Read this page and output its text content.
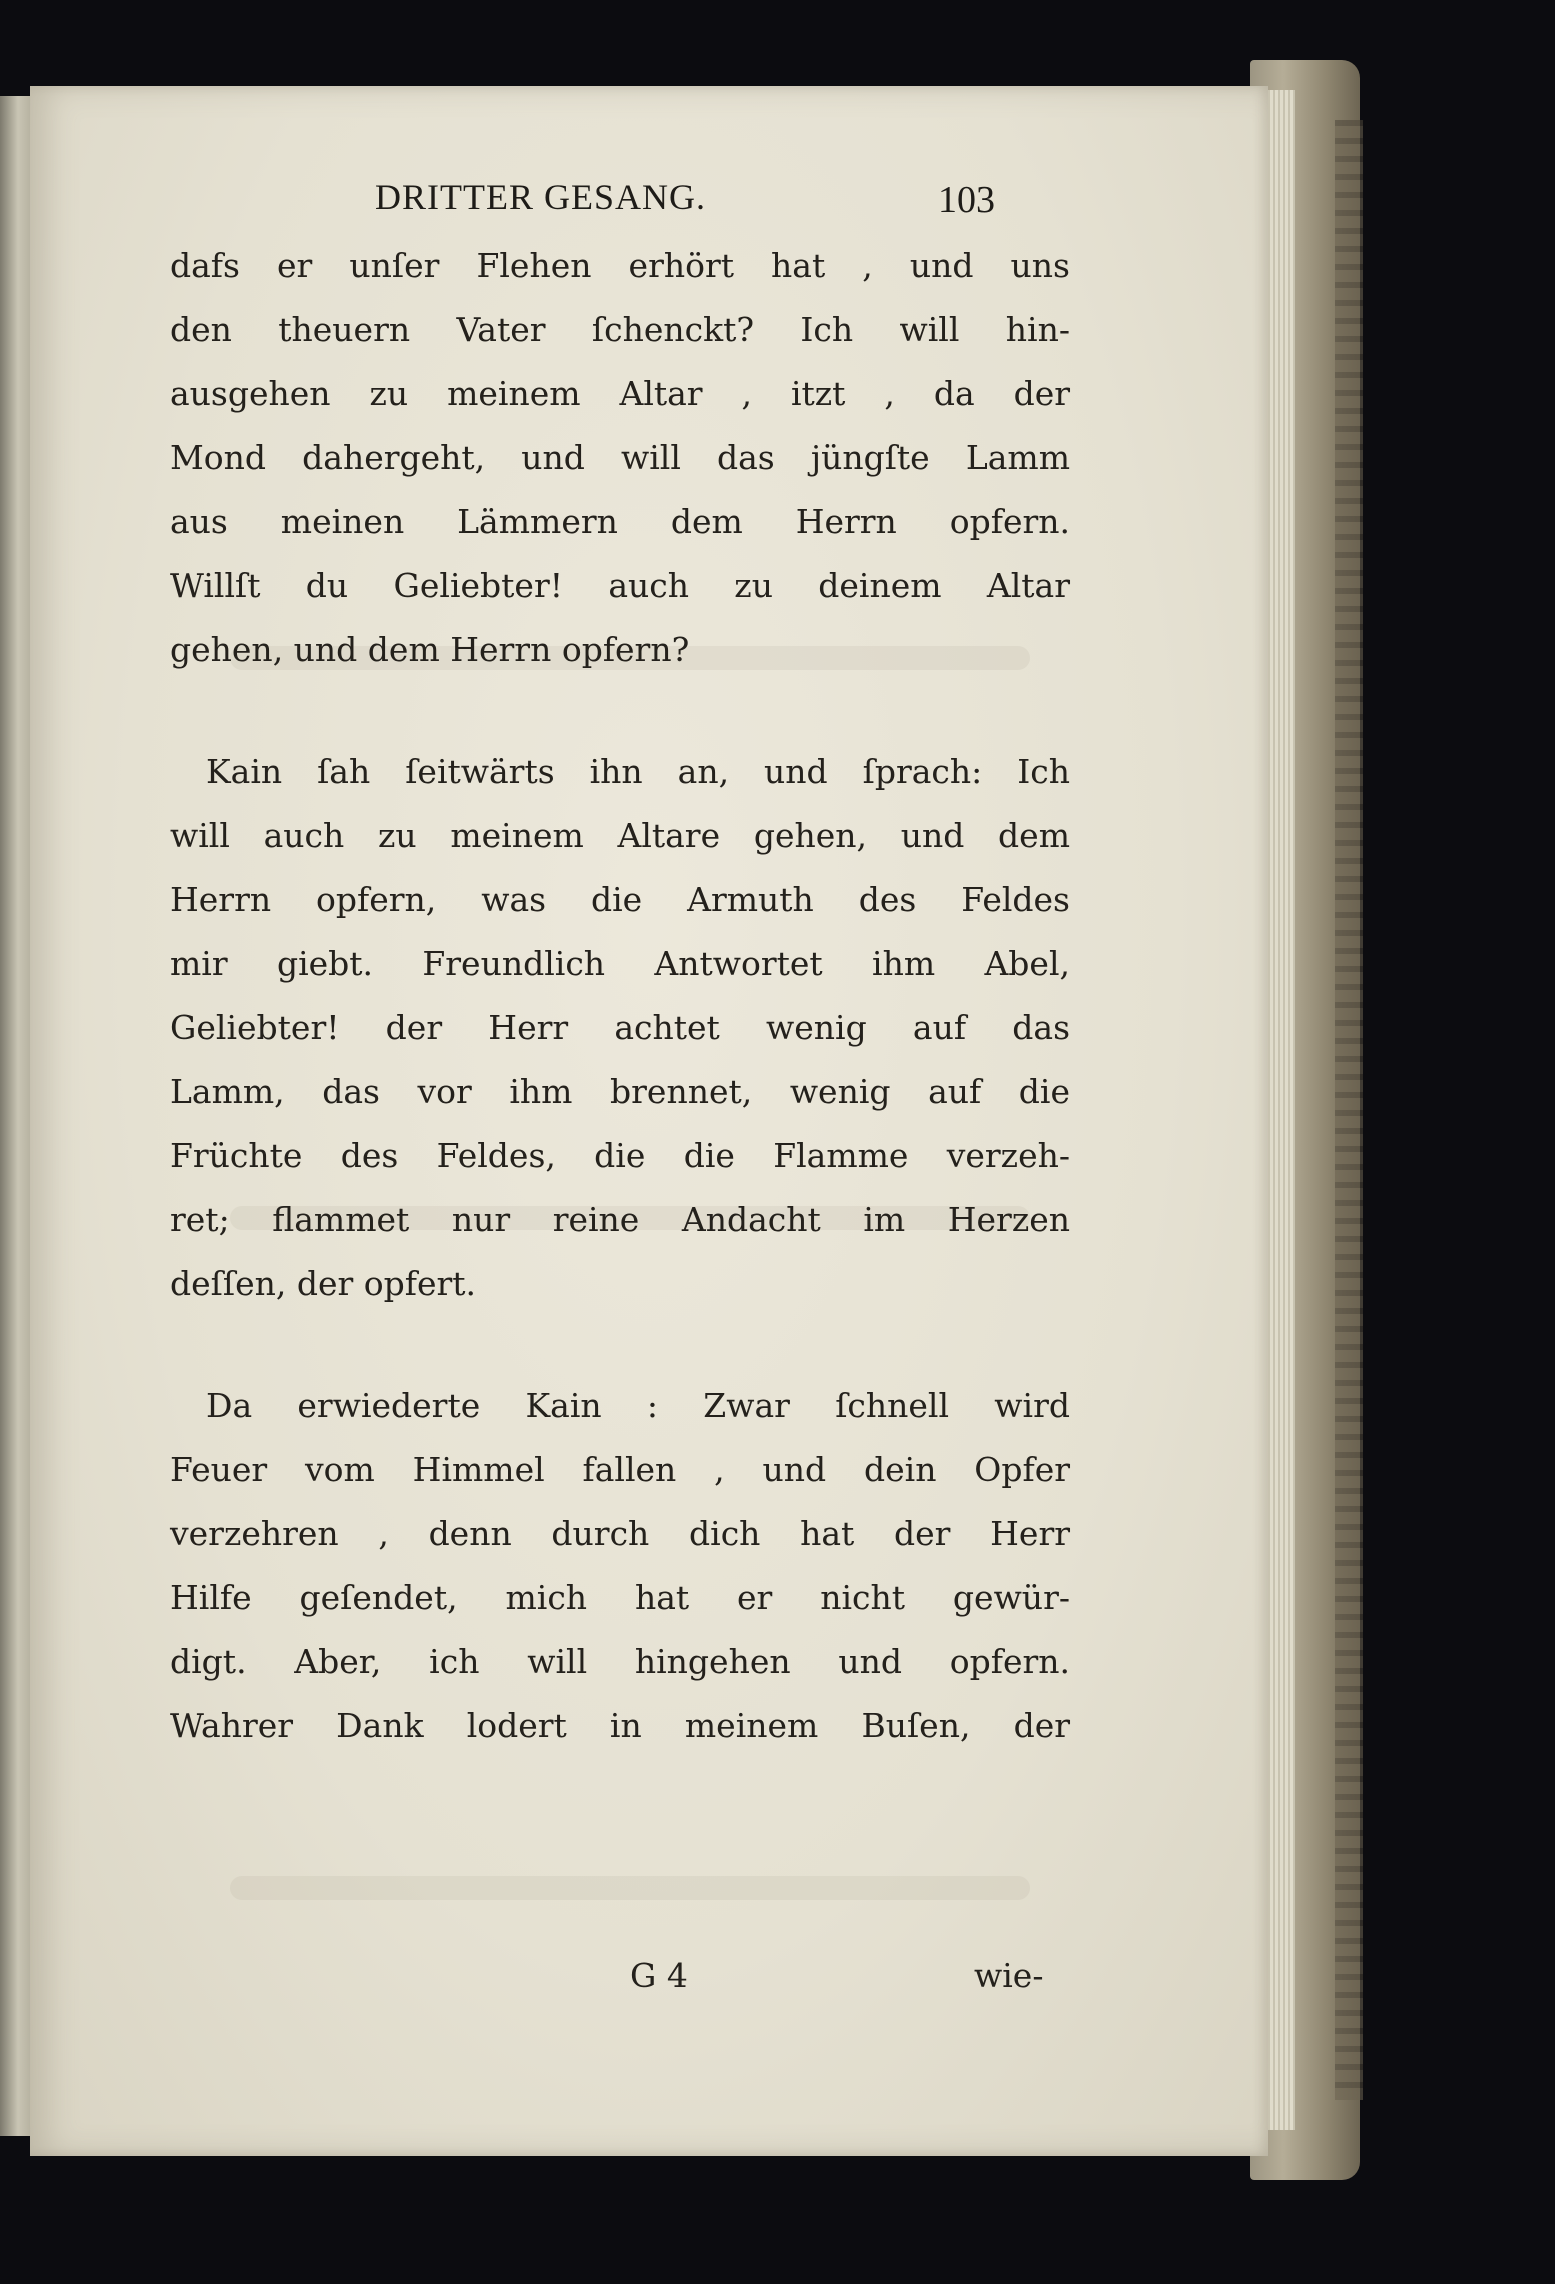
DRITTER GESANG.	103
dafs er unſer Flehen erhört hat , und uns
den theuern Vater ſchenckt? Ich will hin-
ausgehen zu meinem Altar , itzt , da der
Mond dahergeht, und will das jüngſte Lamm
aus meinen Lämmern dem Herrn opfern.
Willſt du Geliebter! auch zu deinem Altar
gehen, und dem Herrn opfern?
Kain ſah ſeitwärts ihn an, und ſprach: Ich
will auch zu meinem Altare gehen, und dem
Herrn opfern, was die Armuth des Feldes
mir giebt. Freundlich Antwortet ihm Abel,
Geliebter! der Herr achtet wenig auf das
Lamm, das vor ihm brennet, wenig auf die
Früchte des Feldes, die die Flamme verzeh-
ret; flammet nur reine Andacht im Herzen
deſſen, der opfert.
Da erwiederte Kain : Zwar ſchnell wird
Feuer vom Himmel fallen , und dein Opfer
verzehren , denn durch dich hat der Herr
Hilfe geſendet, mich hat er nicht gewür-
digt. Aber, ich will hingehen und opfern.
Wahrer Dank lodert in meinem Buſen, der
G 4	wie-
